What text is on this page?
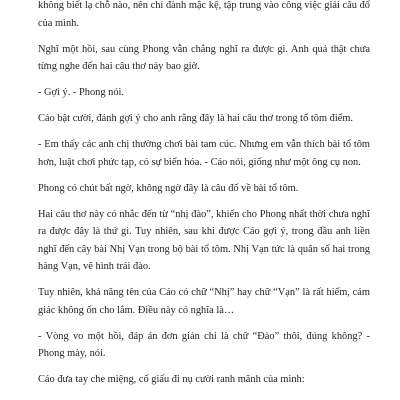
không biết lạ chỗ nào, nên chỉ đành mặc kệ, tập trung vào công việc giải câu đố của mình.

Nghĩ một hồi, sau cùng Phong vẫn chẳng nghĩ ra được gì. Anh quả thật chưa từng nghe đến hai câu thơ này bao giờ.

- Gợi ý. - Phong nói.

Cáo bật cười, đánh gợi ý cho anh rằng đây là hai câu thơ trong tổ tôm điếm.

- Em thấy các anh chị thường chơi bài tam cúc. Nhưng em vẫn thích bài tổ tôm hơn, luật chơi phức tạp, có sự biến hóa. - Cáo nói, giống như một ông cụ non.

Phong có chút bất ngờ, không ngờ đây là câu đố về bài tổ tôm.

Hai câu thơ này có nhắc đến từ “nhị đào”, khiến cho Phong nhất thời chưa nghĩ ra được đây là thứ gì. Tuy nhiên, sau khi được Cáo gợi ý, trong đầu anh liền nghĩ đến cây bài Nhị Vạn trong bộ bài tổ tôm. Nhị Vạn tức là quân số hai trong hàng Vạn, vẽ hình trái đào.

Tuy nhiên, khả năng tên của Cáo có chữ “Nhị” hay chữ “Vạn” là rất hiếm, cảm giác không ổn cho lắm. Điều này có nghĩa là…

- Vòng vo một hồi, đáp án đơn giản chỉ là chữ “Đào” thôi, đúng không? - Phong mày, nói.

Cáo đưa tay che miệng, cố giấu đi nụ cười ranh mãnh của mình:
